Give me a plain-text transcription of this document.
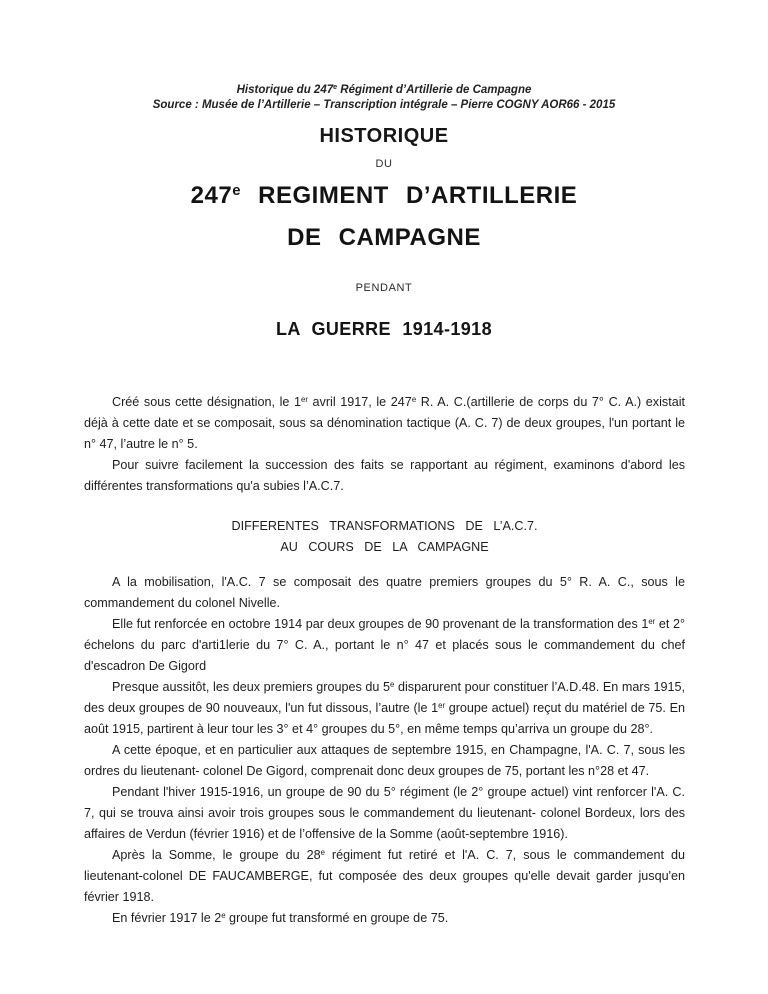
Historique du 247e Régiment d’Artillerie de Campagne

Source : Musée de l’Artillerie – Transcription intégrale – Pierre COGNY AOR66 - 2015

HISTORIQUE

DU

247e REGIMENT D’ARTILLERIE
DE CAMPAGNE

PENDANT

LA GUERRE 1914-1918

Créé sous cette désignation, le 1er avril 1917, le 247e R. A. C.(artillerie de corps du 7° C. A.) existait déjà à cette date et se composait, sous sa dénomination tactique (A. C. 7) de deux groupes, l'un portant le n° 47, l’autre le n° 5.

Pour suivre facilement la succession des faits se rapportant au régiment, examinons d'abord les différentes transformations qu'a subies l’A.C.7.

DIFFERENTES TRANSFORMATIONS DE L’A.C.7.

AU COURS DE LA CAMPAGNE

A la mobilisation, l'A.C. 7 se composait des quatre premiers groupes du 5° R. A. C., sous le commandement du colonel Nivelle.

Elle fut renforcée en octobre 1914 par deux groupes de 90 provenant de la transformation des 1er et 2° échelons du parc d'arti1lerie du 7° C. A., portant le n° 47 et placés sous le commandement du chef d'escadron De Gigord

Presque aussitôt, les deux premiers groupes du 5e disparurent pour constituer l’A.D.48. En mars 1915, des deux groupes de 90 nouveaux, l'un fut dissous, l’autre (le 1er groupe actuel) reçut du matériel de 75. En août 1915, partirent à leur tour les 3° et 4° groupes du 5°, en même temps qu’arriva un groupe du 28°.

A cette époque, et en particulier aux attaques de septembre 1915, en Champagne, l'A. C. 7, sous les ordres du lieutenant- colonel De Gigord, comprenait donc deux groupes de 75, portant les n°28 et 47.

Pendant l'hiver 1915-1916, un groupe de 90 du 5° régiment (le 2° groupe actuel) vint renforcer l'A. C. 7, qui se trouva ainsi avoir trois groupes sous le commandement du lieutenant- colonel Bordeux, lors des affaires de Verdun (février 1916) et de l’offensive de la Somme (août-septembre 1916).

Après la Somme, le groupe du 28e régiment fut retiré et l'A. C. 7, sous le commandement du lieutenant-colonel DE FAUCAMBERGE, fut composée des deux groupes qu'elle devait garder jusqu'en février 1918.

En février 1917 le 2e groupe fut transformé en groupe de 75.
